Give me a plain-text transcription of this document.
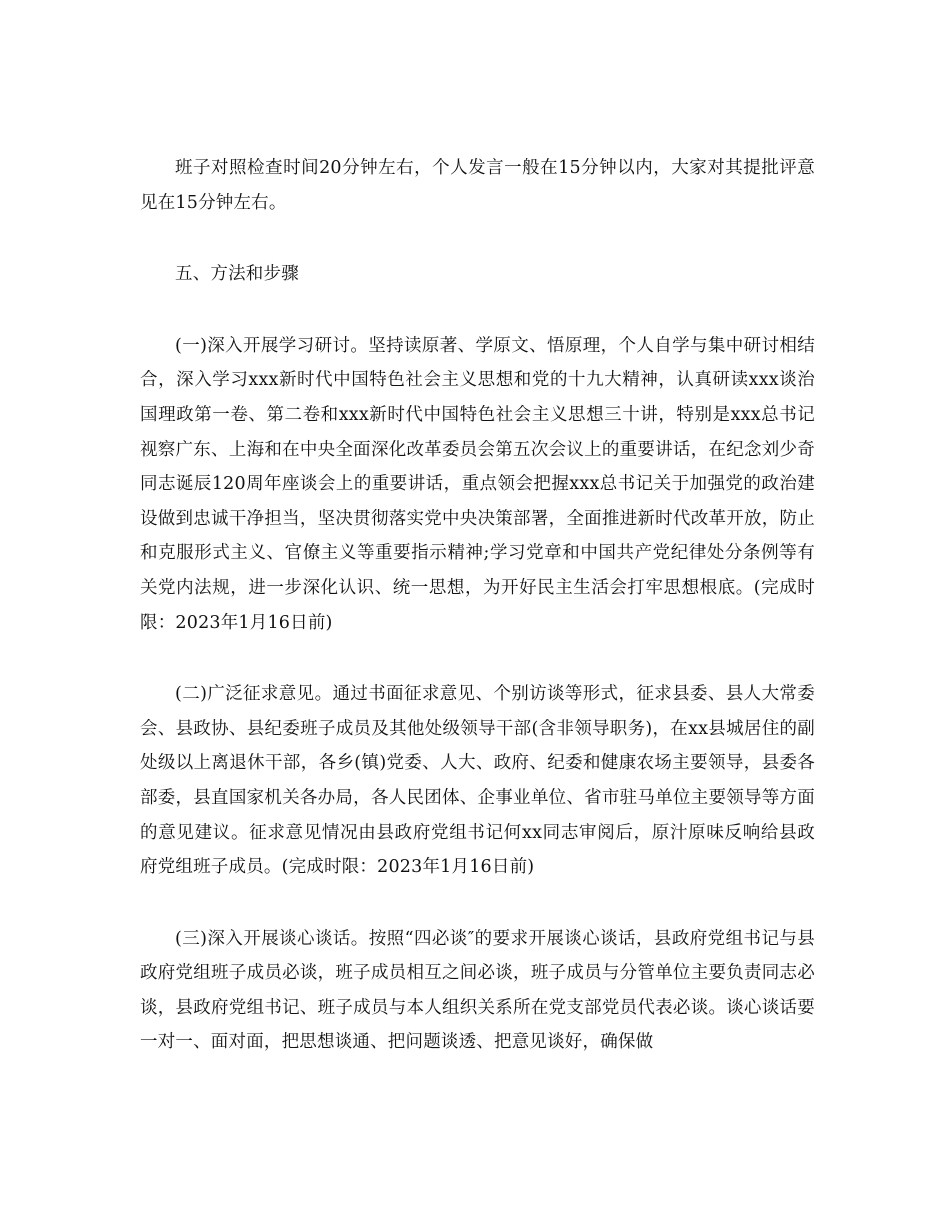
班子对照检查时间20分钟左右，个人发言一般在15分钟以内，大家对其提批评意见在15分钟左右。

五、方法和步骤

(一)深入开展学习研讨。坚持读原著、学原文、悟原理，个人自学与集中研讨相结合，深入学习xxx新时代中国特色社会主义思想和党的十九大精神，认真研读xxx谈治国理政第一卷、第二卷和xxx新时代中国特色社会主义思想三十讲，特别是xxx总书记视察广东、上海和在中央全面深化改革委员会第五次会议上的重要讲话，在纪念刘少奇同志诞辰120周年座谈会上的重要讲话，重点领会把握xxx总书记关于加强党的政治建设做到忠诚干净担当，坚决贯彻落实党中央决策部署，全面推进新时代改革开放，防止和克服形式主义、官僚主义等重要指示精神;学习党章和中国共产党纪律处分条例等有关党内法规，进一步深化认识、统一思想，为开好民主生活会打牢思想根底。(完成时限：2023年1月16日前)

(二)广泛征求意见。通过书面征求意见、个别访谈等形式，征求县委、县人大常委会、县政协、县纪委班子成员及其他处级领导干部(含非领导职务)，在xx县城居住的副处级以上离退休干部，各乡(镇)党委、人大、政府、纪委和健康农场主要领导，县委各部委，县直国家机关各办局，各人民团体、企事业单位、省市驻马单位主要领导等方面的意见建议。征求意见情况由县政府党组书记何xx同志审阅后，原汁原味反响给县政府党组班子成员。(完成时限：2023年1月16日前)

(三)深入开展谈心谈话。按照“四必谈″的要求开展谈心谈话，县政府党组书记与县政府党组班子成员必谈，班子成员相互之间必谈，班子成员与分管单位主要负责同志必谈，县政府党组书记、班子成员与本人组织关系所在党支部党员代表必谈。谈心谈话要一对一、面对面，把思想谈通、把问题谈透、把意见谈好，确保做
